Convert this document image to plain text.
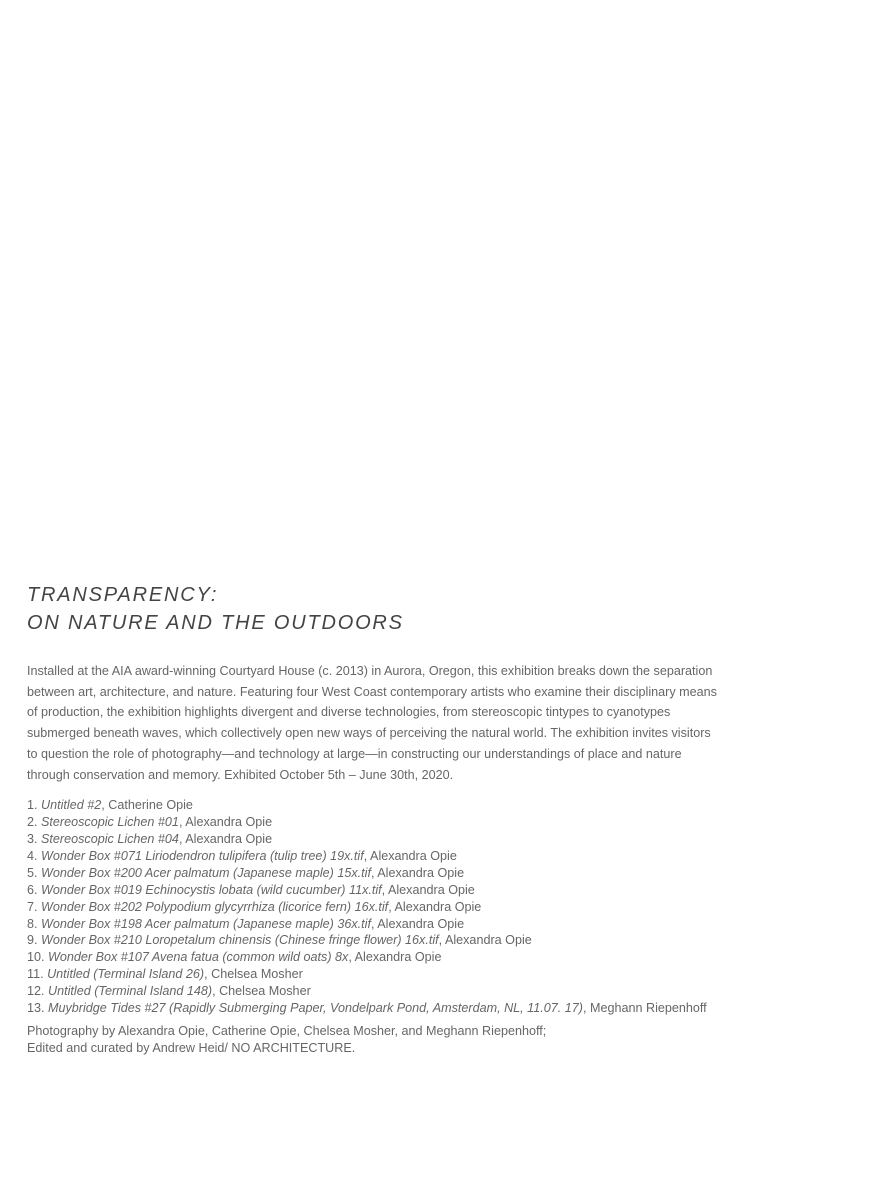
TRANSPARENCY:
ON NATURE AND THE OUTDOORS

Installed at the AIA award-winning Courtyard House (c. 2013) in Aurora, Oregon, this exhibition breaks down the separation between art, architecture, and nature. Featuring four West Coast contemporary artists who examine their disciplinary means of production, the exhibition highlights divergent and diverse technologies, from stereoscopic tintypes to cyanotypes submerged beneath waves, which collectively open new ways of perceiving the natural world. The exhibition invites visitors to question the role of photography—and technology at large—in constructing our understandings of place and nature through conservation and memory. Exhibited October 5th – June 30th, 2020.

1. Untitled #2, Catherine Opie
2. Stereoscopic Lichen #01, Alexandra Opie
3. Stereoscopic Lichen #04, Alexandra Opie
4. Wonder Box #071 Liriodendron tulipifera (tulip tree) 19x.tif, Alexandra Opie
5. Wonder Box #200 Acer palmatum (Japanese maple) 15x.tif, Alexandra Opie
6. Wonder Box #019 Echinocystis lobata (wild cucumber) 11x.tif, Alexandra Opie
7. Wonder Box #202 Polypodium glycyrrhiza (licorice fern) 16x.tif, Alexandra Opie
8. Wonder Box #198 Acer palmatum (Japanese maple) 36x.tif, Alexandra Opie
9. Wonder Box #210 Loropetalum chinensis (Chinese fringe flower) 16x.tif, Alexandra Opie
10. Wonder Box #107 Avena fatua (common wild oats) 8x, Alexandra Opie
11. Untitled (Terminal Island 26), Chelsea Mosher
12. Untitled (Terminal Island 148), Chelsea Mosher
13. Muybridge Tides #27 (Rapidly Submerging Paper, Vondelpark Pond, Amsterdam, NL, 11.07. 17), Meghann Riepenhoff

Photography by Alexandra Opie, Catherine Opie, Chelsea Mosher, and Meghann Riepenhoff;
Edited and curated by Andrew Heid/ NO ARCHITECTURE.
